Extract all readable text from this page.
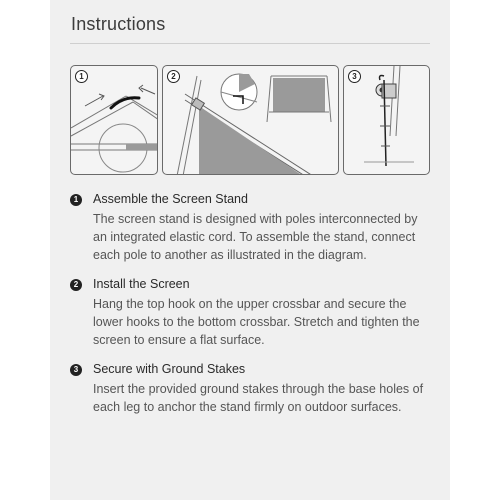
Instructions
1	2	3
1	Assemble the Screen Stand
The screen stand is designed with poles interconnected by an integrated elastic cord. To assemble the stand, connect each pole to another as illustrated in the diagram.
2	Install the Screen
Hang the top hook on the upper crossbar and secure the lower hooks to the bottom crossbar. Stretch and tighten the screen to ensure a flat surface.
3	Secure with Ground Stakes
Insert the provided ground stakes through the base holes of each leg to anchor the stand firmly on outdoor surfaces.
